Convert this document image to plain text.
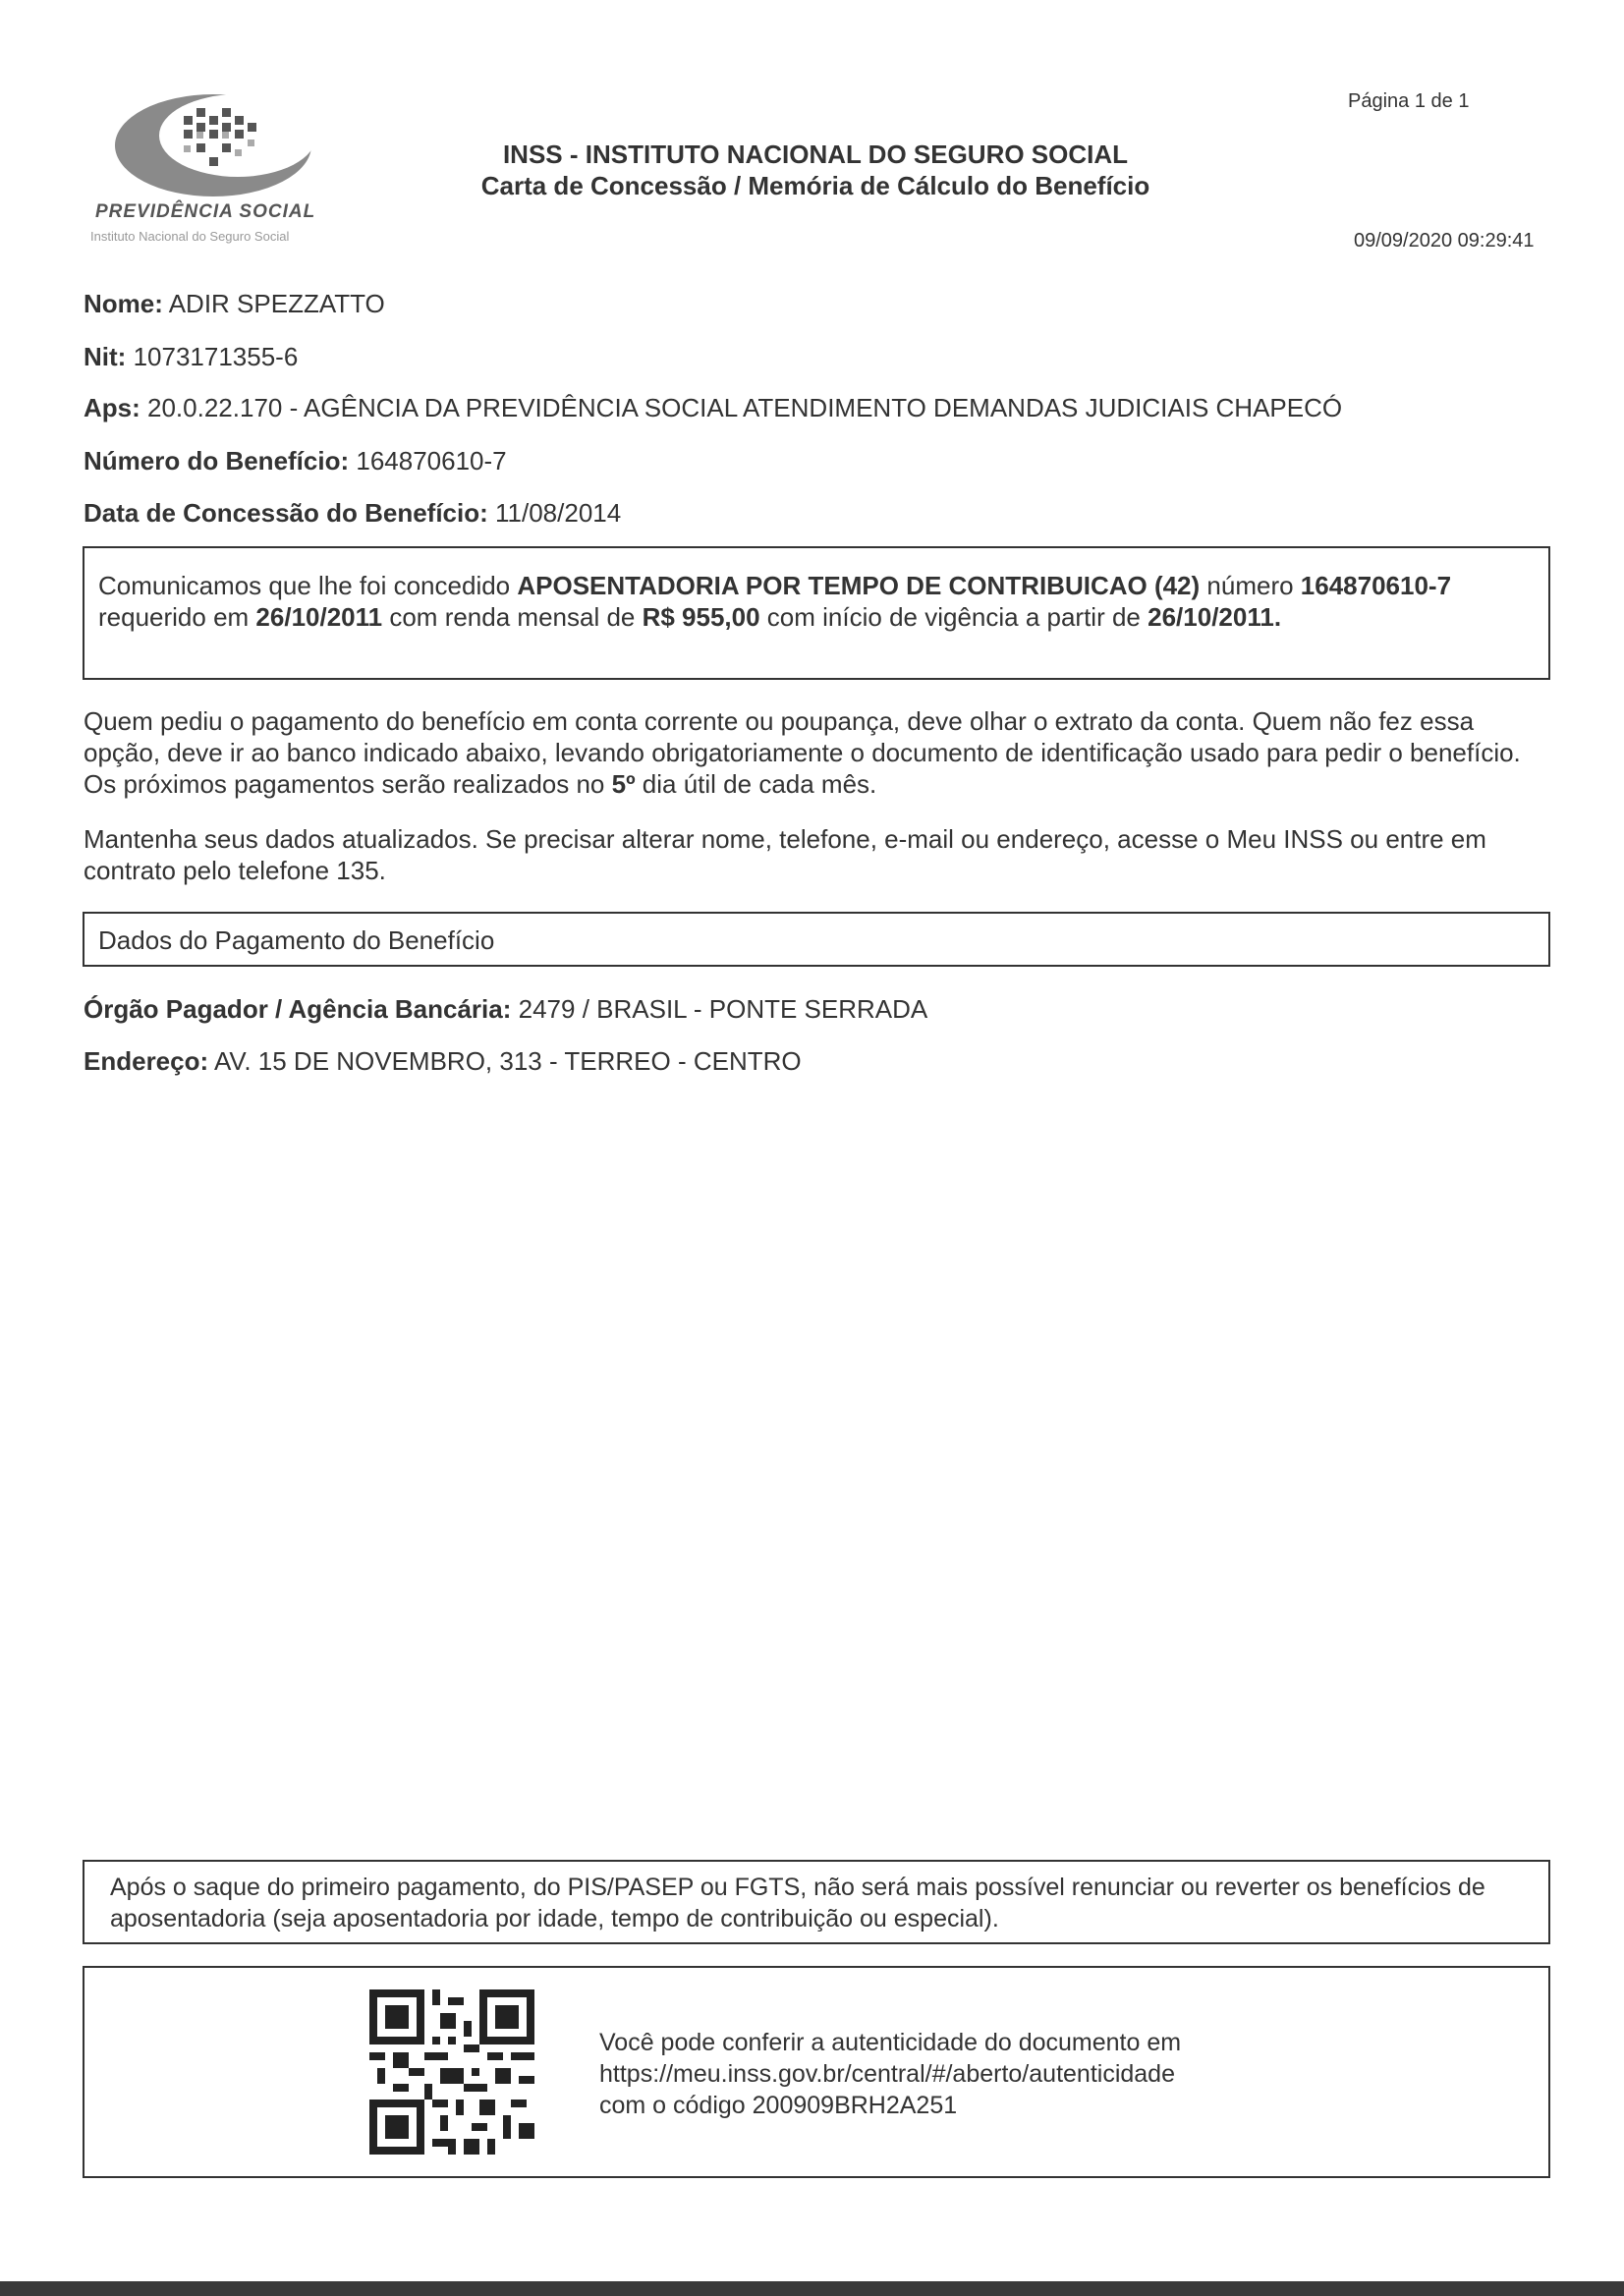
Página 1 de 1
PREVIDÊNCIA SOCIAL
Instituto Nacional do Seguro Social
INSS - INSTITUTO NACIONAL DO SEGURO SOCIAL
Carta de Concessão / Memória de Cálculo do Benefício
09/09/2020 09:29:41
Nome: ADIR SPEZZATTO
Nit: 1073171355-6
Aps: 20.0.22.170 - AGÊNCIA DA PREVIDÊNCIA SOCIAL ATENDIMENTO DEMANDAS JUDICIAIS CHAPECÓ
Número do Benefício: 164870610-7
Data de Concessão do Benefício: 11/08/2014
Comunicamos que lhe foi concedido APOSENTADORIA POR TEMPO DE CONTRIBUICAO (42) número 164870610-7
requerido em 26/10/2011 com renda mensal de R$ 955,00 com início de vigência a partir de 26/10/2011.
Quem pediu o pagamento do benefício em conta corrente ou poupança, deve olhar o extrato da conta. Quem não fez essa opção, deve ir ao banco indicado abaixo, levando obrigatoriamente o documento de identificação usado para pedir o benefício. Os próximos pagamentos serão realizados no 5º dia útil de cada mês.
Mantenha seus dados atualizados. Se precisar alterar nome, telefone, e-mail ou endereço, acesse o Meu INSS ou entre em contrato pelo telefone 135.
Dados do Pagamento do Benefício
Órgão Pagador / Agência Bancária: 2479 / BRASIL - PONTE SERRADA
Endereço: AV. 15 DE NOVEMBRO, 313 - TERREO - CENTRO
Após o saque do primeiro pagamento, do PIS/PASEP ou FGTS, não será mais possível renunciar ou reverter os benefícios de aposentadoria (seja aposentadoria por idade, tempo de contribuição ou especial).
Você pode conferir a autenticidade do documento em
https://meu.inss.gov.br/central/#/aberto/autenticidade
com o código 200909BRH2A251
